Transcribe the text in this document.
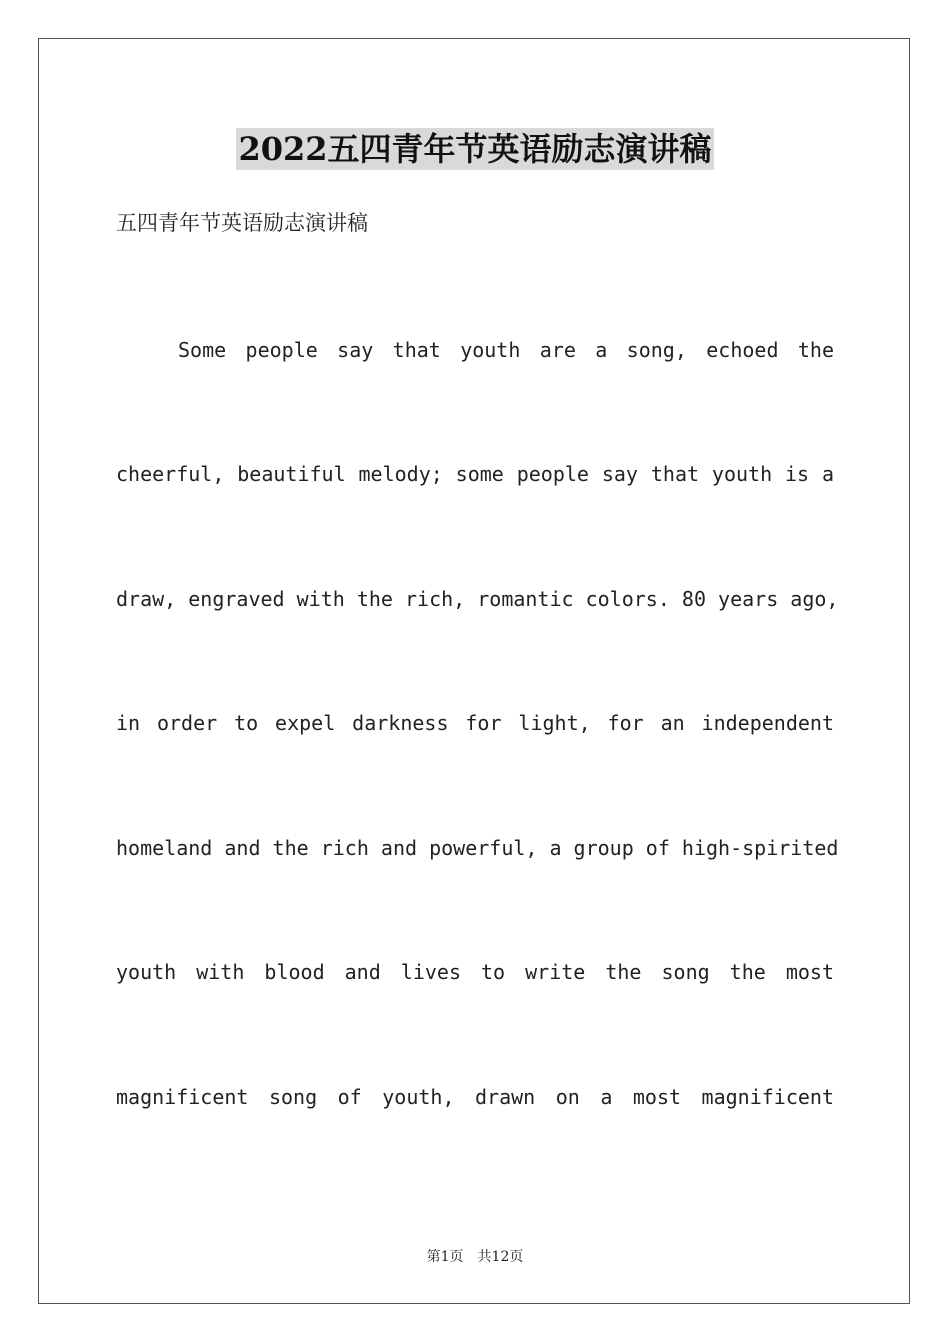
2022五四青年节英语励志演讲稿

五四青年节英语励志演讲稿

Some people say that youth are a song, echoed the

cheerful, beautiful melody; some people say that youth is a

draw, engraved with the rich, romantic colors. 80 years ago,

in order to expel darkness for light, for an independent

homeland and the rich and powerful, a group of high-spirited

youth with blood and lives to write the song the most

magnificent song of youth, drawn on a most magnificent

第1页 共12页
